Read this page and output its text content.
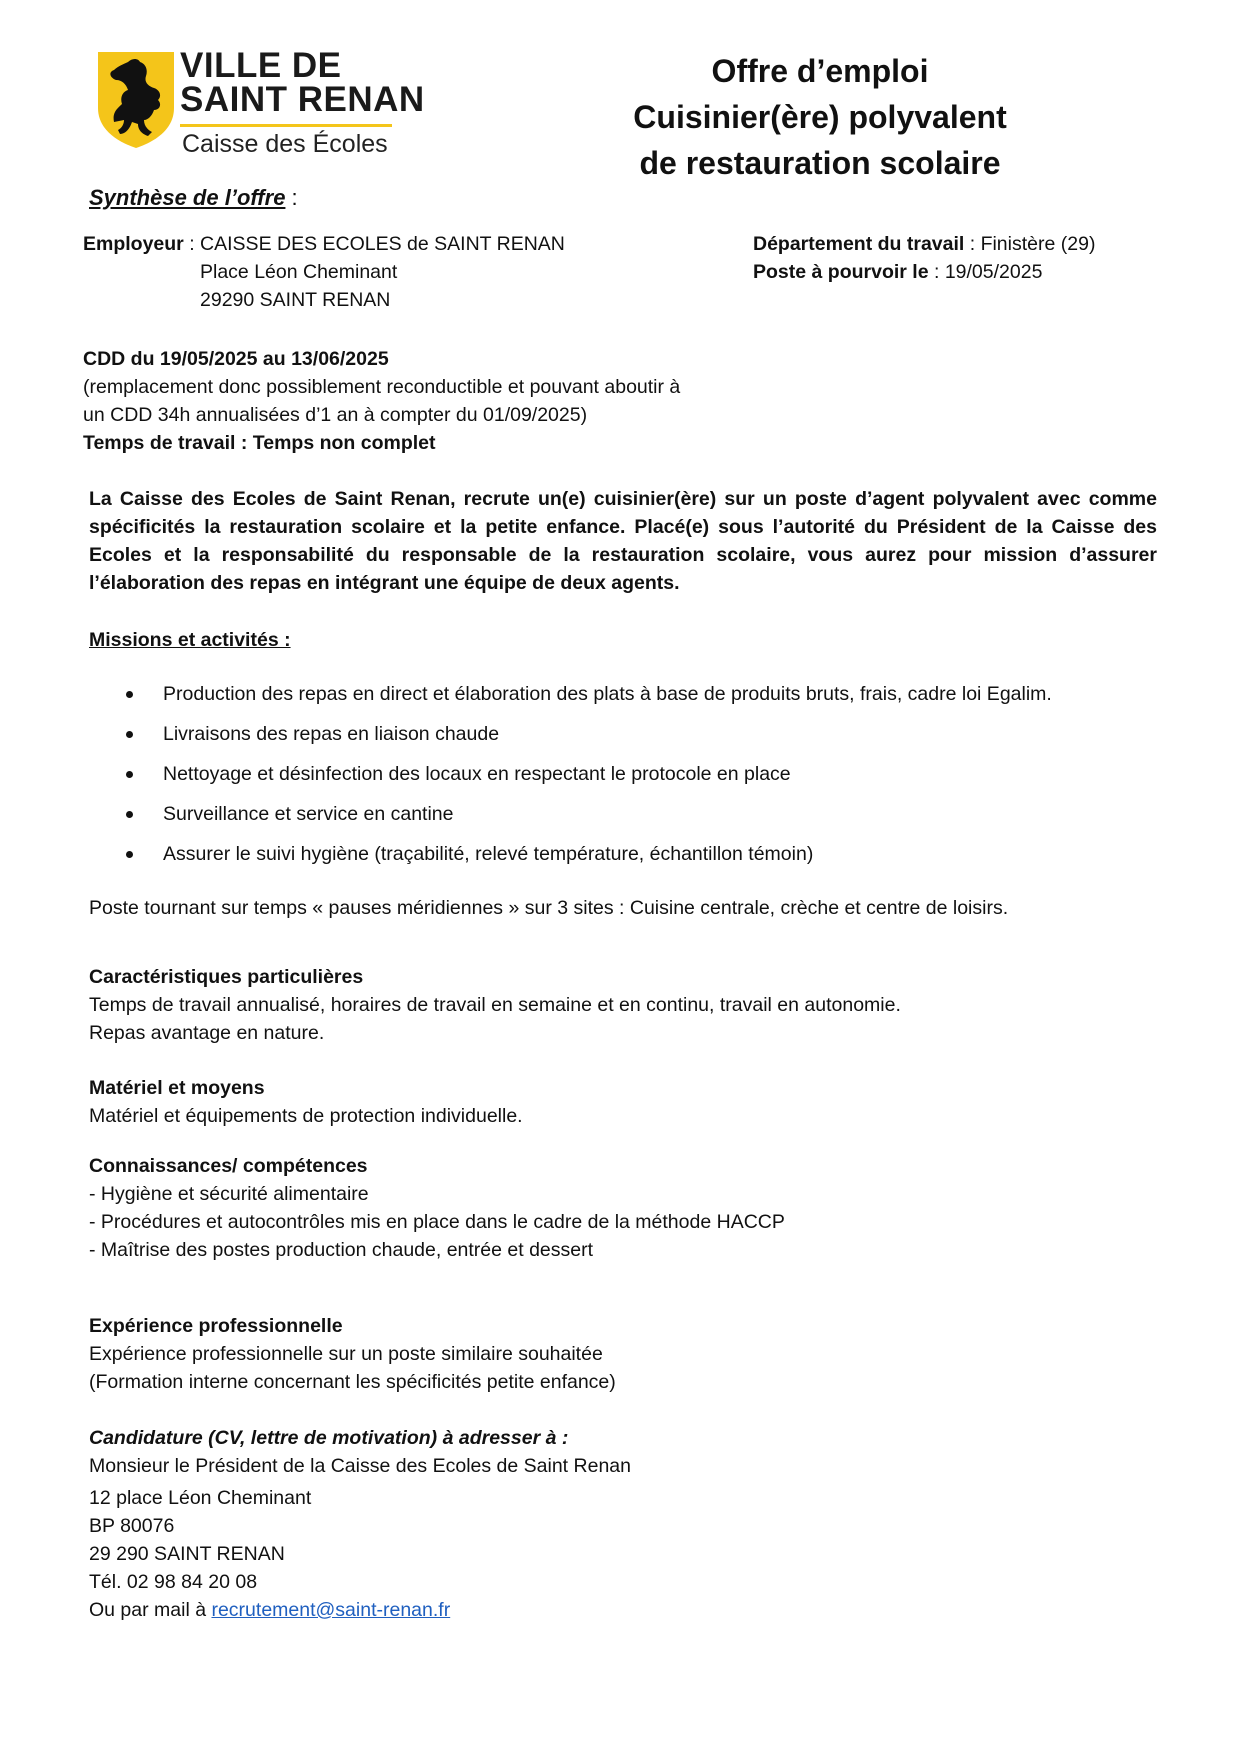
VILLE DE
SAINT RENAN
Caisse des Écoles
Offre d’emploi
Cuisinier(ère) polyvalent
de restauration scolaire
Synthèse de l’offre :
Employeur : CAISSE DES ECOLES de SAINT RENAN
Place Léon Cheminant
29290 SAINT RENAN
Département du travail : Finistère (29)
Poste à pourvoir le : 19/05/2025
CDD du 19/05/2025 au 13/06/2025
(remplacement donc possiblement reconductible et pouvant aboutir à
un CDD 34h annualisées d’1 an à compter du 01/09/2025)
Temps de travail : Temps non complet
La Caisse des Ecoles de Saint Renan, recrute un(e) cuisinier(ère) sur un poste d’agent polyvalent avec comme spécificités la restauration scolaire et la petite enfance. Placé(e) sous l’autorité du Président de la Caisse des Ecoles et la responsabilité du responsable de la restauration scolaire, vous aurez pour mission d’assurer l’élaboration des repas en intégrant une équipe de deux agents.
Missions et activités :
Production des repas en direct et élaboration des plats à base de produits bruts, frais, cadre loi Egalim.
Livraisons des repas en liaison chaude
Nettoyage et désinfection des locaux en respectant le protocole en place
Surveillance et service en cantine
Assurer le suivi hygiène (traçabilité, relevé température, échantillon témoin)
Poste tournant sur temps « pauses méridiennes » sur 3 sites : Cuisine centrale, crèche et centre de loisirs.
Caractéristiques particulières
Temps de travail annualisé, horaires de travail en semaine et en continu, travail en autonomie.
Repas avantage en nature.
Matériel et moyens
Matériel et équipements de protection individuelle.
Connaissances/ compétences
- Hygiène et sécurité alimentaire
- Procédures et autocontrôles mis en place dans le cadre de la méthode HACCP
- Maîtrise des postes production chaude, entrée et dessert
Expérience professionnelle
Expérience professionnelle sur un poste similaire souhaitée
(Formation interne concernant les spécificités petite enfance)
Candidature (CV, lettre de motivation) à adresser à :
Monsieur le Président de la Caisse des Ecoles de Saint Renan
12 place Léon Cheminant
BP 80076
29 290 SAINT RENAN
Tél. 02 98 84 20 08
Ou par mail à recrutement@saint-renan.fr
